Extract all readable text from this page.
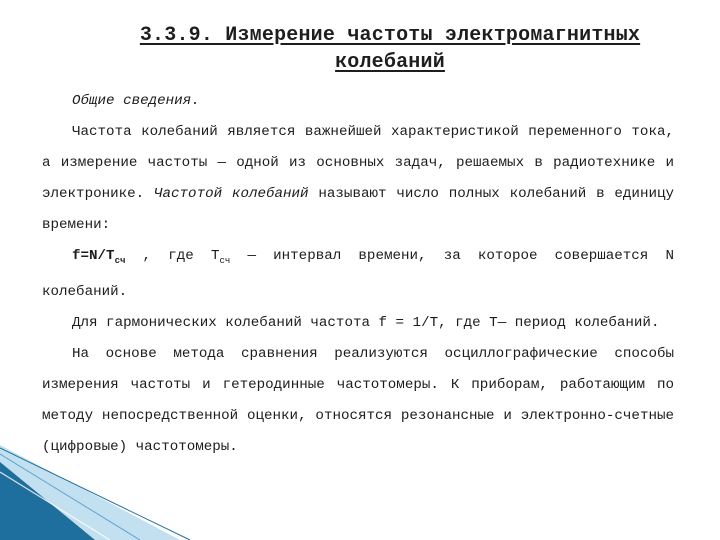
3.3.9. Измерение частоты электромагнитных
колебаний

Общие сведения.

Частота колебаний является важнейшей характеристикой переменного тока, а измерение частоты — одной из основных задач, решаемых в радиотехнике и электронике. Частотой колебаний называют число полных колебаний в единицу времени:

$f=N/T_{сч}$ , где $T_{сч}$ — интервал времени, за которое совершается N колебаний.

Для гармонических колебаний частота f = 1/T, где T— период колебаний.

На основе метода сравнения реализуются осциллографические способы измерения частоты и гетеродинные частотомеры. К приборам, работающим по методу непосредственной оценки, относятся резонансные и электронно-счетные (цифровые) частотомеры.
